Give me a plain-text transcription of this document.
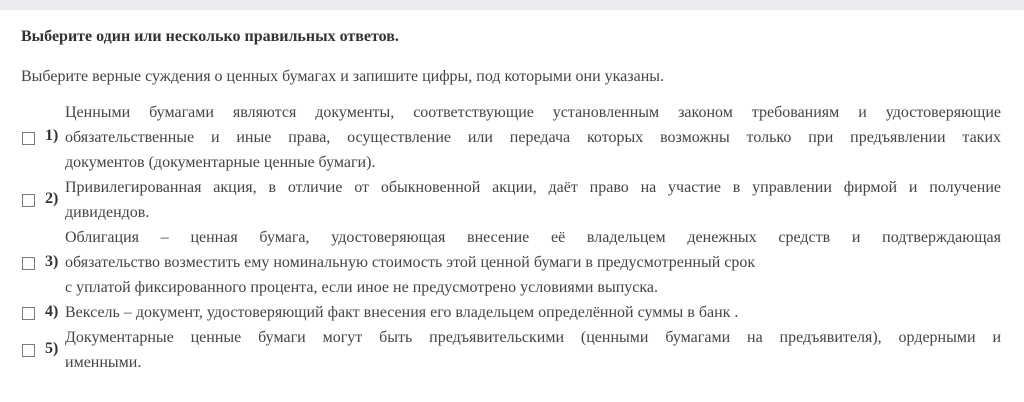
Выберите один или несколько правильных ответов.
Выберите верные суждения о ценных бумагах и запишите цифры, под которыми они указаны.
1)
Ценными бумагами являются документы, соответствующие установленным законом требованиям и удостоверяющие
обязательственные и иные права, осуществление или передача которых возможны только при предъявлении таких
документов (документарные ценные бумаги).
2)
Привилегированная акция, в отличие от обыкновенной акции, даёт право на участие в управлении фирмой и получение
дивидендов.
3)
Облигация – ценная бумага, удостоверяющая внесение её владельцем денежных средств и подтверждающая
обязательство возместить ему номинальную стоимость этой ценной бумаги в предусмотренный срок
с уплатой фиксированного процента, если иное не предусмотрено условиями выпуска.
4) Вексель – документ, удостоверяющий факт внесения его владельцем определённой суммы в банк .
5)
Документарные ценные бумаги могут быть предъявительскими (ценными бумагами на предъявителя), ордерными и
именными.
